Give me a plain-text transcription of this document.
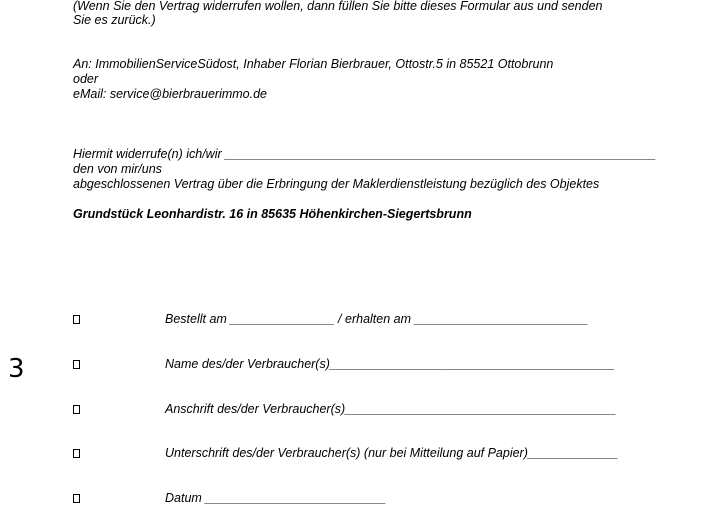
(Wenn Sie den Vertrag widerrufen wollen, dann füllen Sie bitte dieses Formular aus und senden
Sie es zurück.)
An: ImmobilienServiceSüdost, Inhaber Florian Bierbrauer, Ottostr.5 in 85521 Ottobrunn
oder
eMail: service@bierbrauerimmo.de
Hiermit widerrufe(n) ich/wir ______________________________________________________________
den von mir/uns
abgeschlossenen Vertrag über die Erbringung der Maklerdienstleistung bezüglich des Objektes
Grundstück Leonhardistr. 16 in 85635 Höhenkirchen-Siegertsbrunn
3
Bestellt am _______________ / erhalten am _________________________
Name des/der Verbraucher(s)_________________________________________
Anschrift des/der Verbraucher(s)_______________________________________
Unterschrift des/der Verbraucher(s) (nur bei Mitteilung auf Papier)_____________
Datum __________________________
